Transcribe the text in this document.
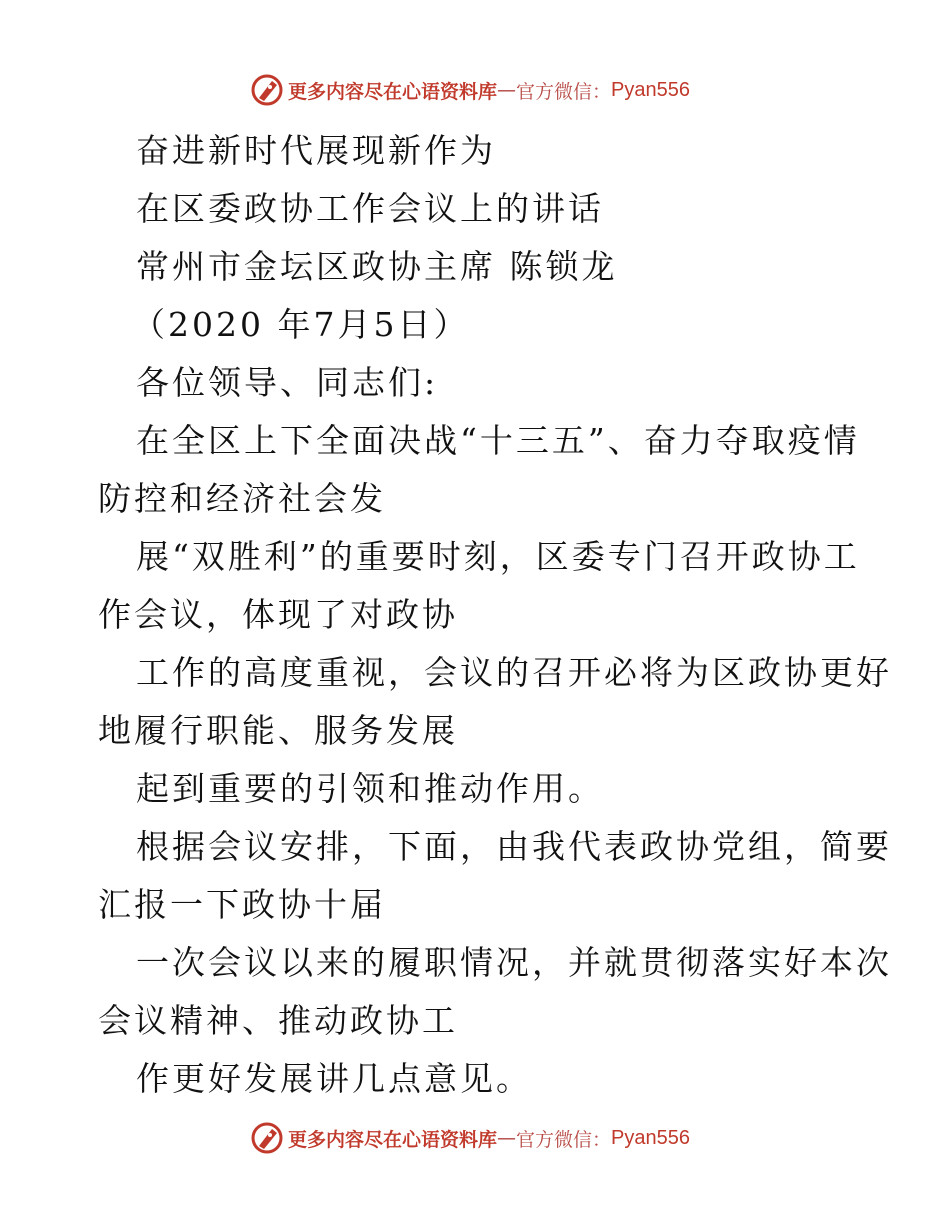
更多内容尽在心语资料库 — 官方微信： Pyan556
奋进新时代展现新作为
在区委政协工作会议上的讲话
常州市金坛区政协主席 陈锁龙
（2020 年7月5日）
各位领导、同志们:
在全区上下全面决战“十三五”、奋力夺取疫情
防控和经济社会发
展“双胜利”的重要时刻，区委专门召开政协工
作会议，体现了对政协
工作的高度重视，会议的召开必将为区政协更好
地履行职能、服务发展
起到重要的引领和推动作用。
根据会议安排，下面，由我代表政协党组，简要
汇报一下政协十届
一次会议以来的履职情况，并就贯彻落实好本次
会议精神、推动政协工
作更好发展讲几点意见。
更多内容尽在心语资料库 — 官方微信： Pyan556
